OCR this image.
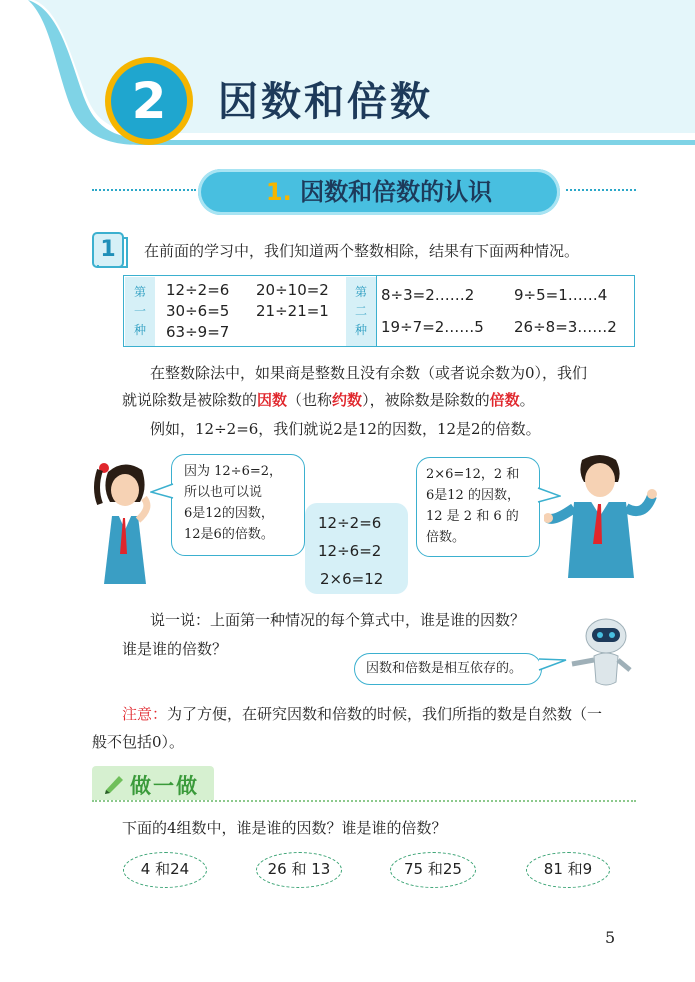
2	因数和倍数
1. 因数和倍数的认识
1	在前面的学习中，我们知道两个整数相除，结果有下面两种情况。
第
一
种
12÷2=6 20÷10=2
30÷6=5 21÷21=1
63÷9=7
第
二
种
8÷3=2……2	9÷5=1……4
19÷7=2……5 26÷8=3……2
在整数除法中，如果商是整数且没有余数（或者说余数为0），我们
就说除数是被除数的因数（也称约数），被除数是除数的倍数。
例如，12÷2=6，我们就说2是12的因数，12是2的倍数。
因为 12÷6=2，
所以也可以说
6是12的因数，
12是6的倍数。
12÷2=6
12÷6=2
2×6=12
2×6=12，2 和
6是12 的因数，
12 是 2 和 6 的
倍数。
说一说：上面第一种情况的每个算式中，谁是谁的因数？
谁是谁的倍数？
因数和倍数是相互依存的。
注意：为了方便，在研究因数和倍数的时候，我们所指的数是自然数（一
般不包括0）。
做一做
下面的4组数中，谁是谁的因数？谁是谁的倍数？
4 和24	26 和 13	75 和25	81 和9
5
